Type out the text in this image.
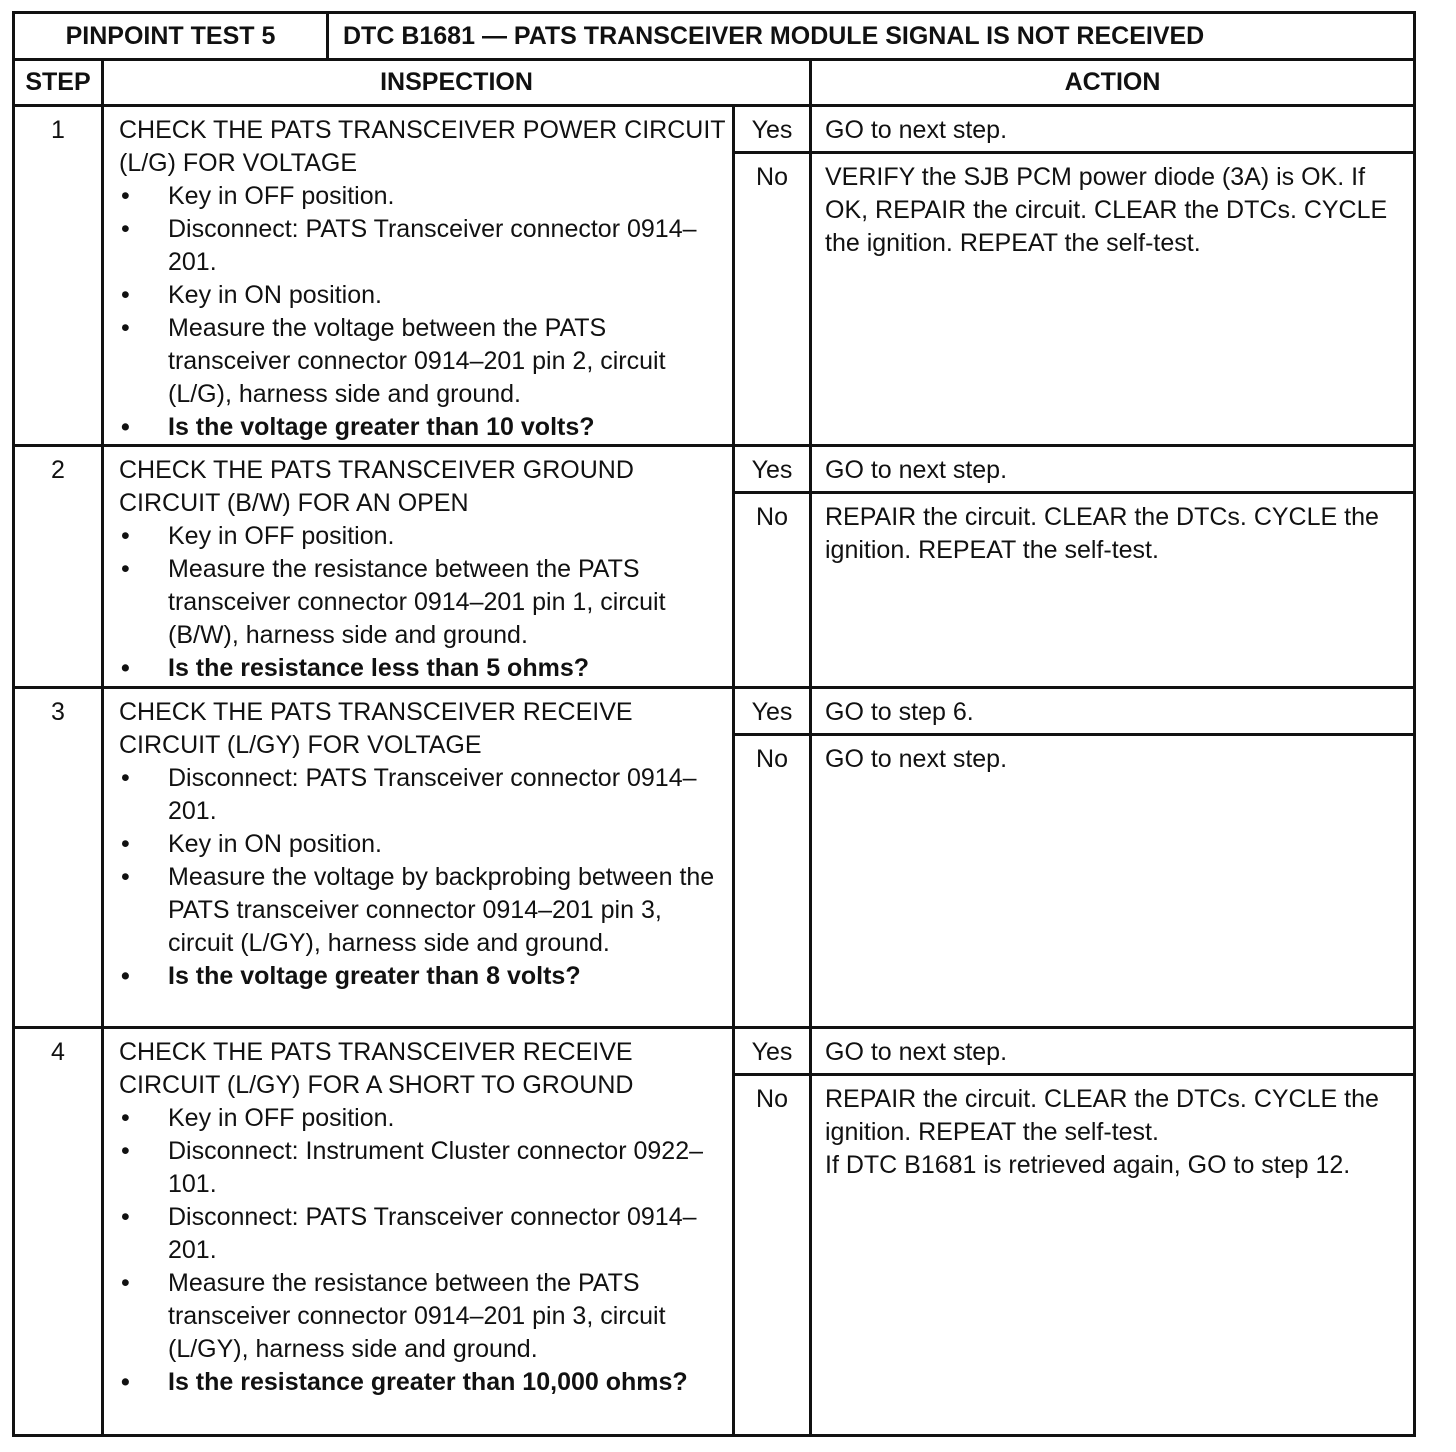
PINPOINT TEST 5	DTC B1681 — PATS TRANSCEIVER MODULE SIGNAL IS NOT RECEIVED
STEP	INSPECTION	ACTION
1	CHECK THE PATS TRANSCEIVER POWER CIRCUIT (L/G) FOR VOLTAGE
• Key in OFF position.
• Disconnect: PATS Transceiver connector 0914–201.
• Key in ON position.
• Measure the voltage between the PATS transceiver connector 0914–201 pin 2, circuit (L/G), harness side and ground.
• Is the voltage greater than 10 volts?
Yes	GO to next step.
No	VERIFY the SJB PCM power diode (3A) is OK. If OK, REPAIR the circuit. CLEAR the DTCs. CYCLE the ignition. REPEAT the self-test.
2	CHECK THE PATS TRANSCEIVER GROUND CIRCUIT (B/W) FOR AN OPEN
• Key in OFF position.
• Measure the resistance between the PATS transceiver connector 0914–201 pin 1, circuit (B/W), harness side and ground.
• Is the resistance less than 5 ohms?
Yes	GO to next step.
No	REPAIR the circuit. CLEAR the DTCs. CYCLE the ignition. REPEAT the self-test.
3	CHECK THE PATS TRANSCEIVER RECEIVE CIRCUIT (L/GY) FOR VOLTAGE
• Disconnect: PATS Transceiver connector 0914–201.
• Key in ON position.
• Measure the voltage by backprobing between the PATS transceiver connector 0914–201 pin 3, circuit (L/GY), harness side and ground.
• Is the voltage greater than 8 volts?
Yes	GO to step 6.
No	GO to next step.
4	CHECK THE PATS TRANSCEIVER RECEIVE CIRCUIT (L/GY) FOR A SHORT TO GROUND
• Key in OFF position.
• Disconnect: Instrument Cluster connector 0922–101.
• Disconnect: PATS Transceiver connector 0914–201.
• Measure the resistance between the PATS transceiver connector 0914–201 pin 3, circuit (L/GY), harness side and ground.
• Is the resistance greater than 10,000 ohms?
Yes	GO to next step.
No	REPAIR the circuit. CLEAR the DTCs. CYCLE the ignition. REPEAT the self-test.
If DTC B1681 is retrieved again, GO to step 12.
